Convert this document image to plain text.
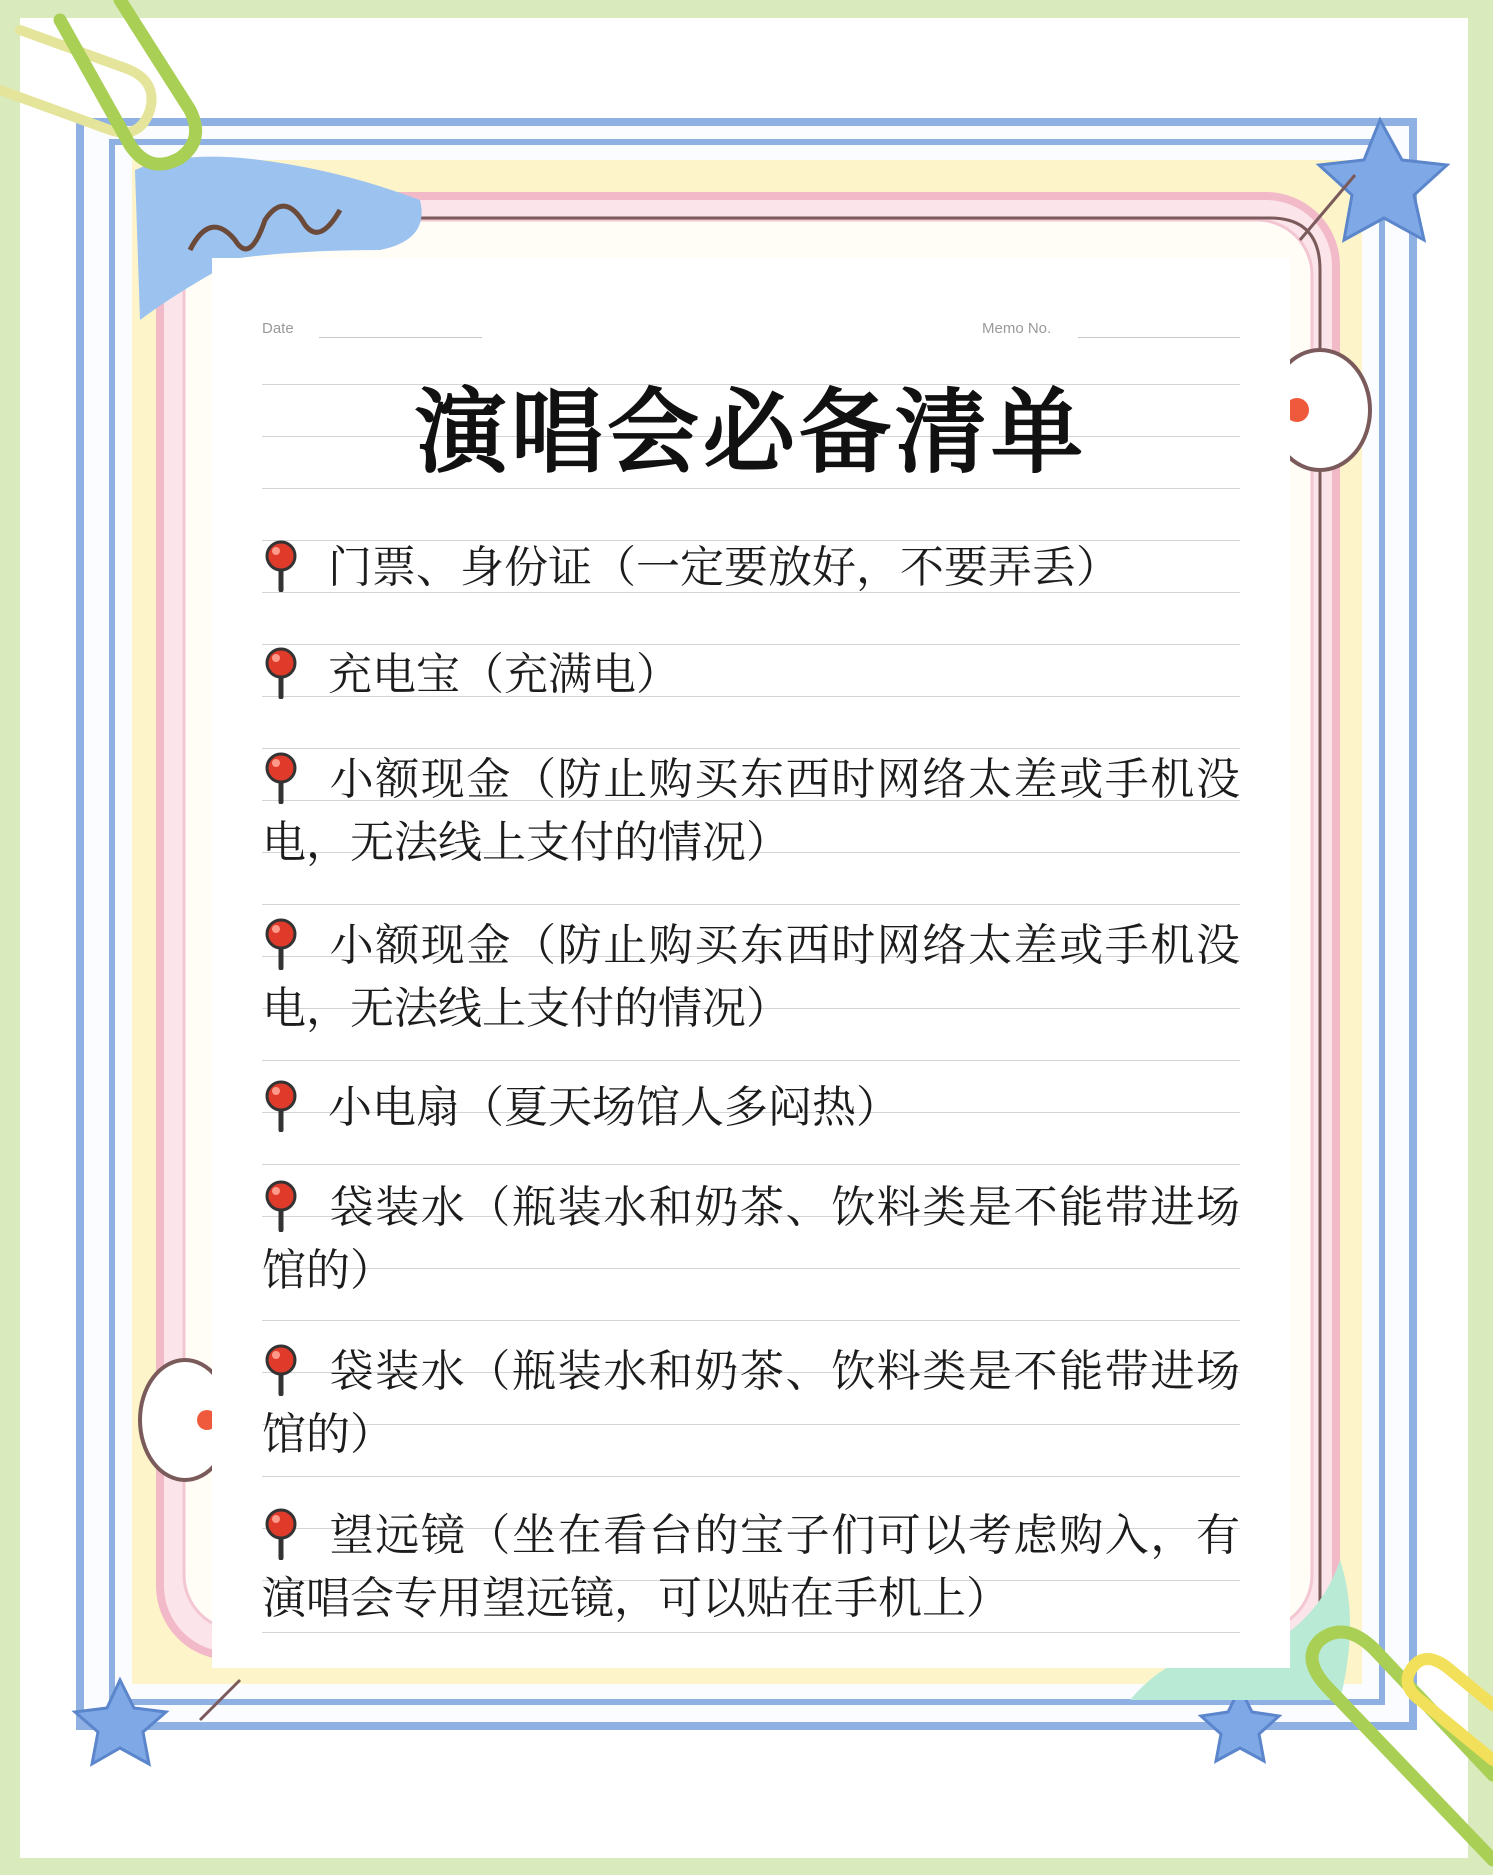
Date	Memo No.
演唱会必备清单
门票、身份证（一定要放好，不要弄丢）
充电宝（充满电）
小额现金（防止购买东西时网络太差或手机没电，无法线上支付的情况）
小额现金（防止购买东西时网络太差或手机没电，无法线上支付的情况）
小电扇（夏天场馆人多闷热）
袋装水（瓶装水和奶茶、饮料类是不能带进场馆的）
袋装水（瓶装水和奶茶、饮料类是不能带进场馆的）
望远镜（坐在看台的宝子们可以考虑购入，有演唱会专用望远镜，可以贴在手机上）
